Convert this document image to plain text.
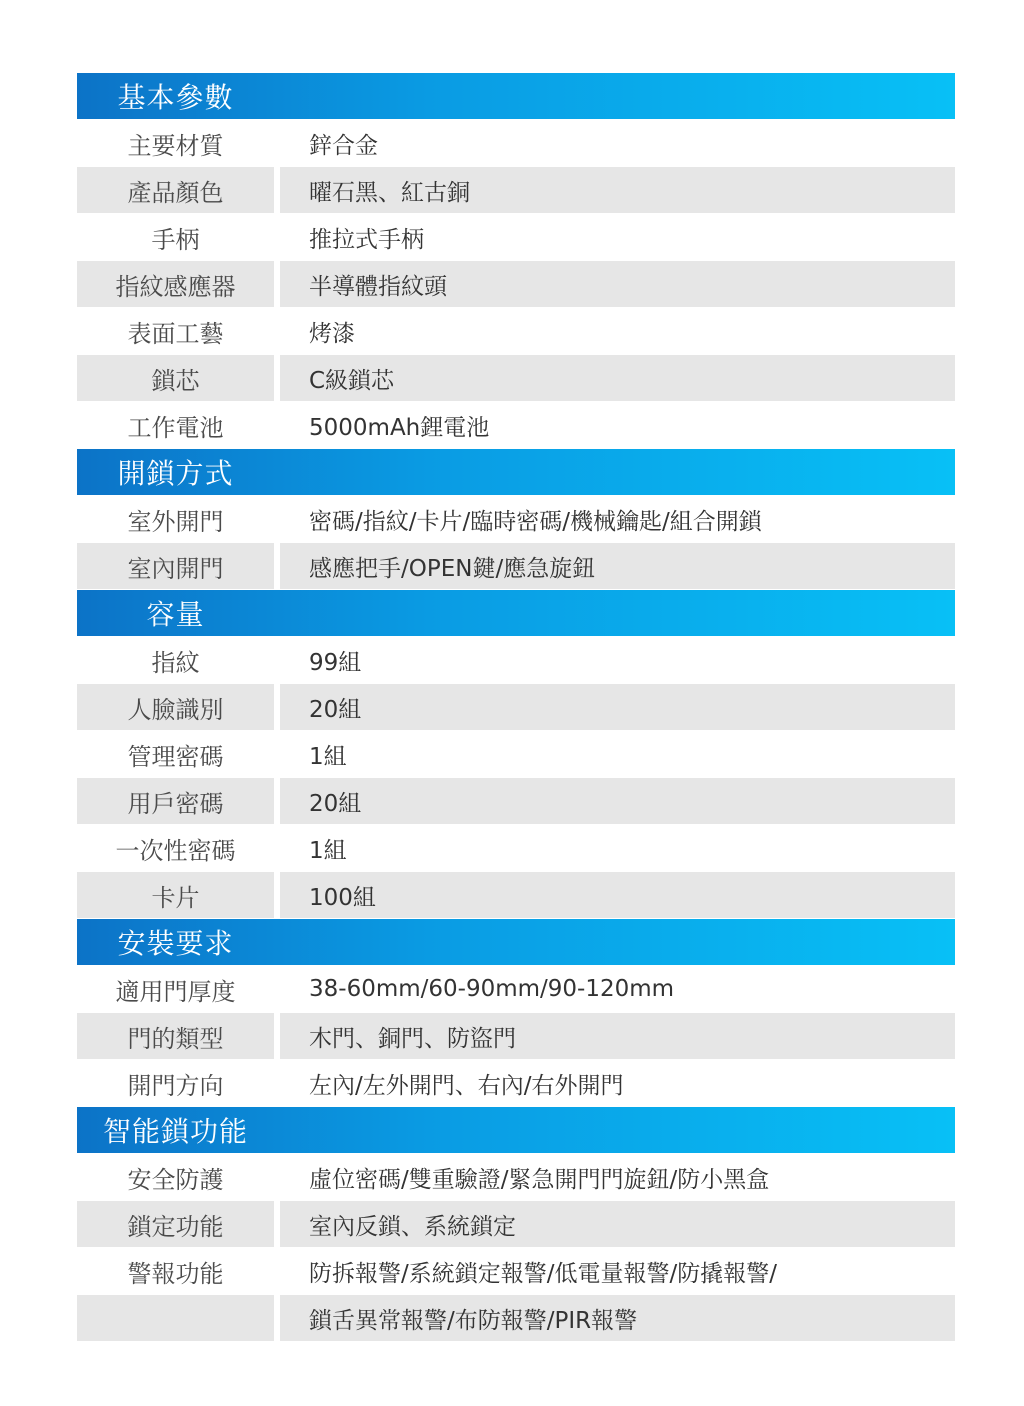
基本參數
主要材質	鋅合金
產品顏色	曜石黑、紅古銅
手柄	推拉式手柄
指紋感應器	半導體指紋頭
表面工藝	烤漆
鎖芯	C級鎖芯
工作電池	5000mAh鋰電池
開鎖方式
室外開門	密碼/指紋/卡片/臨時密碼/機械鑰匙/組合開鎖
室內開門	感應把手/OPEN鍵/應急旋鈕
容量
指紋	99組
人臉識別	20組
管理密碼	1組
用戶密碼	20組
一次性密碼	1組
卡片	100組
安裝要求
適用門厚度	38-60mm/60-90mm/90-120mm
門的類型	木門、銅門、防盜門
開門方向	左內/左外開門、右內/右外開門
智能鎖功能
安全防護	虛位密碼/雙重驗證/緊急開門門旋鈕/防小黑盒
鎖定功能	室內反鎖、系統鎖定
警報功能	防拆報警/系統鎖定報警/低電量報警/防撬報警/
鎖舌異常報警/布防報警/PIR報警
